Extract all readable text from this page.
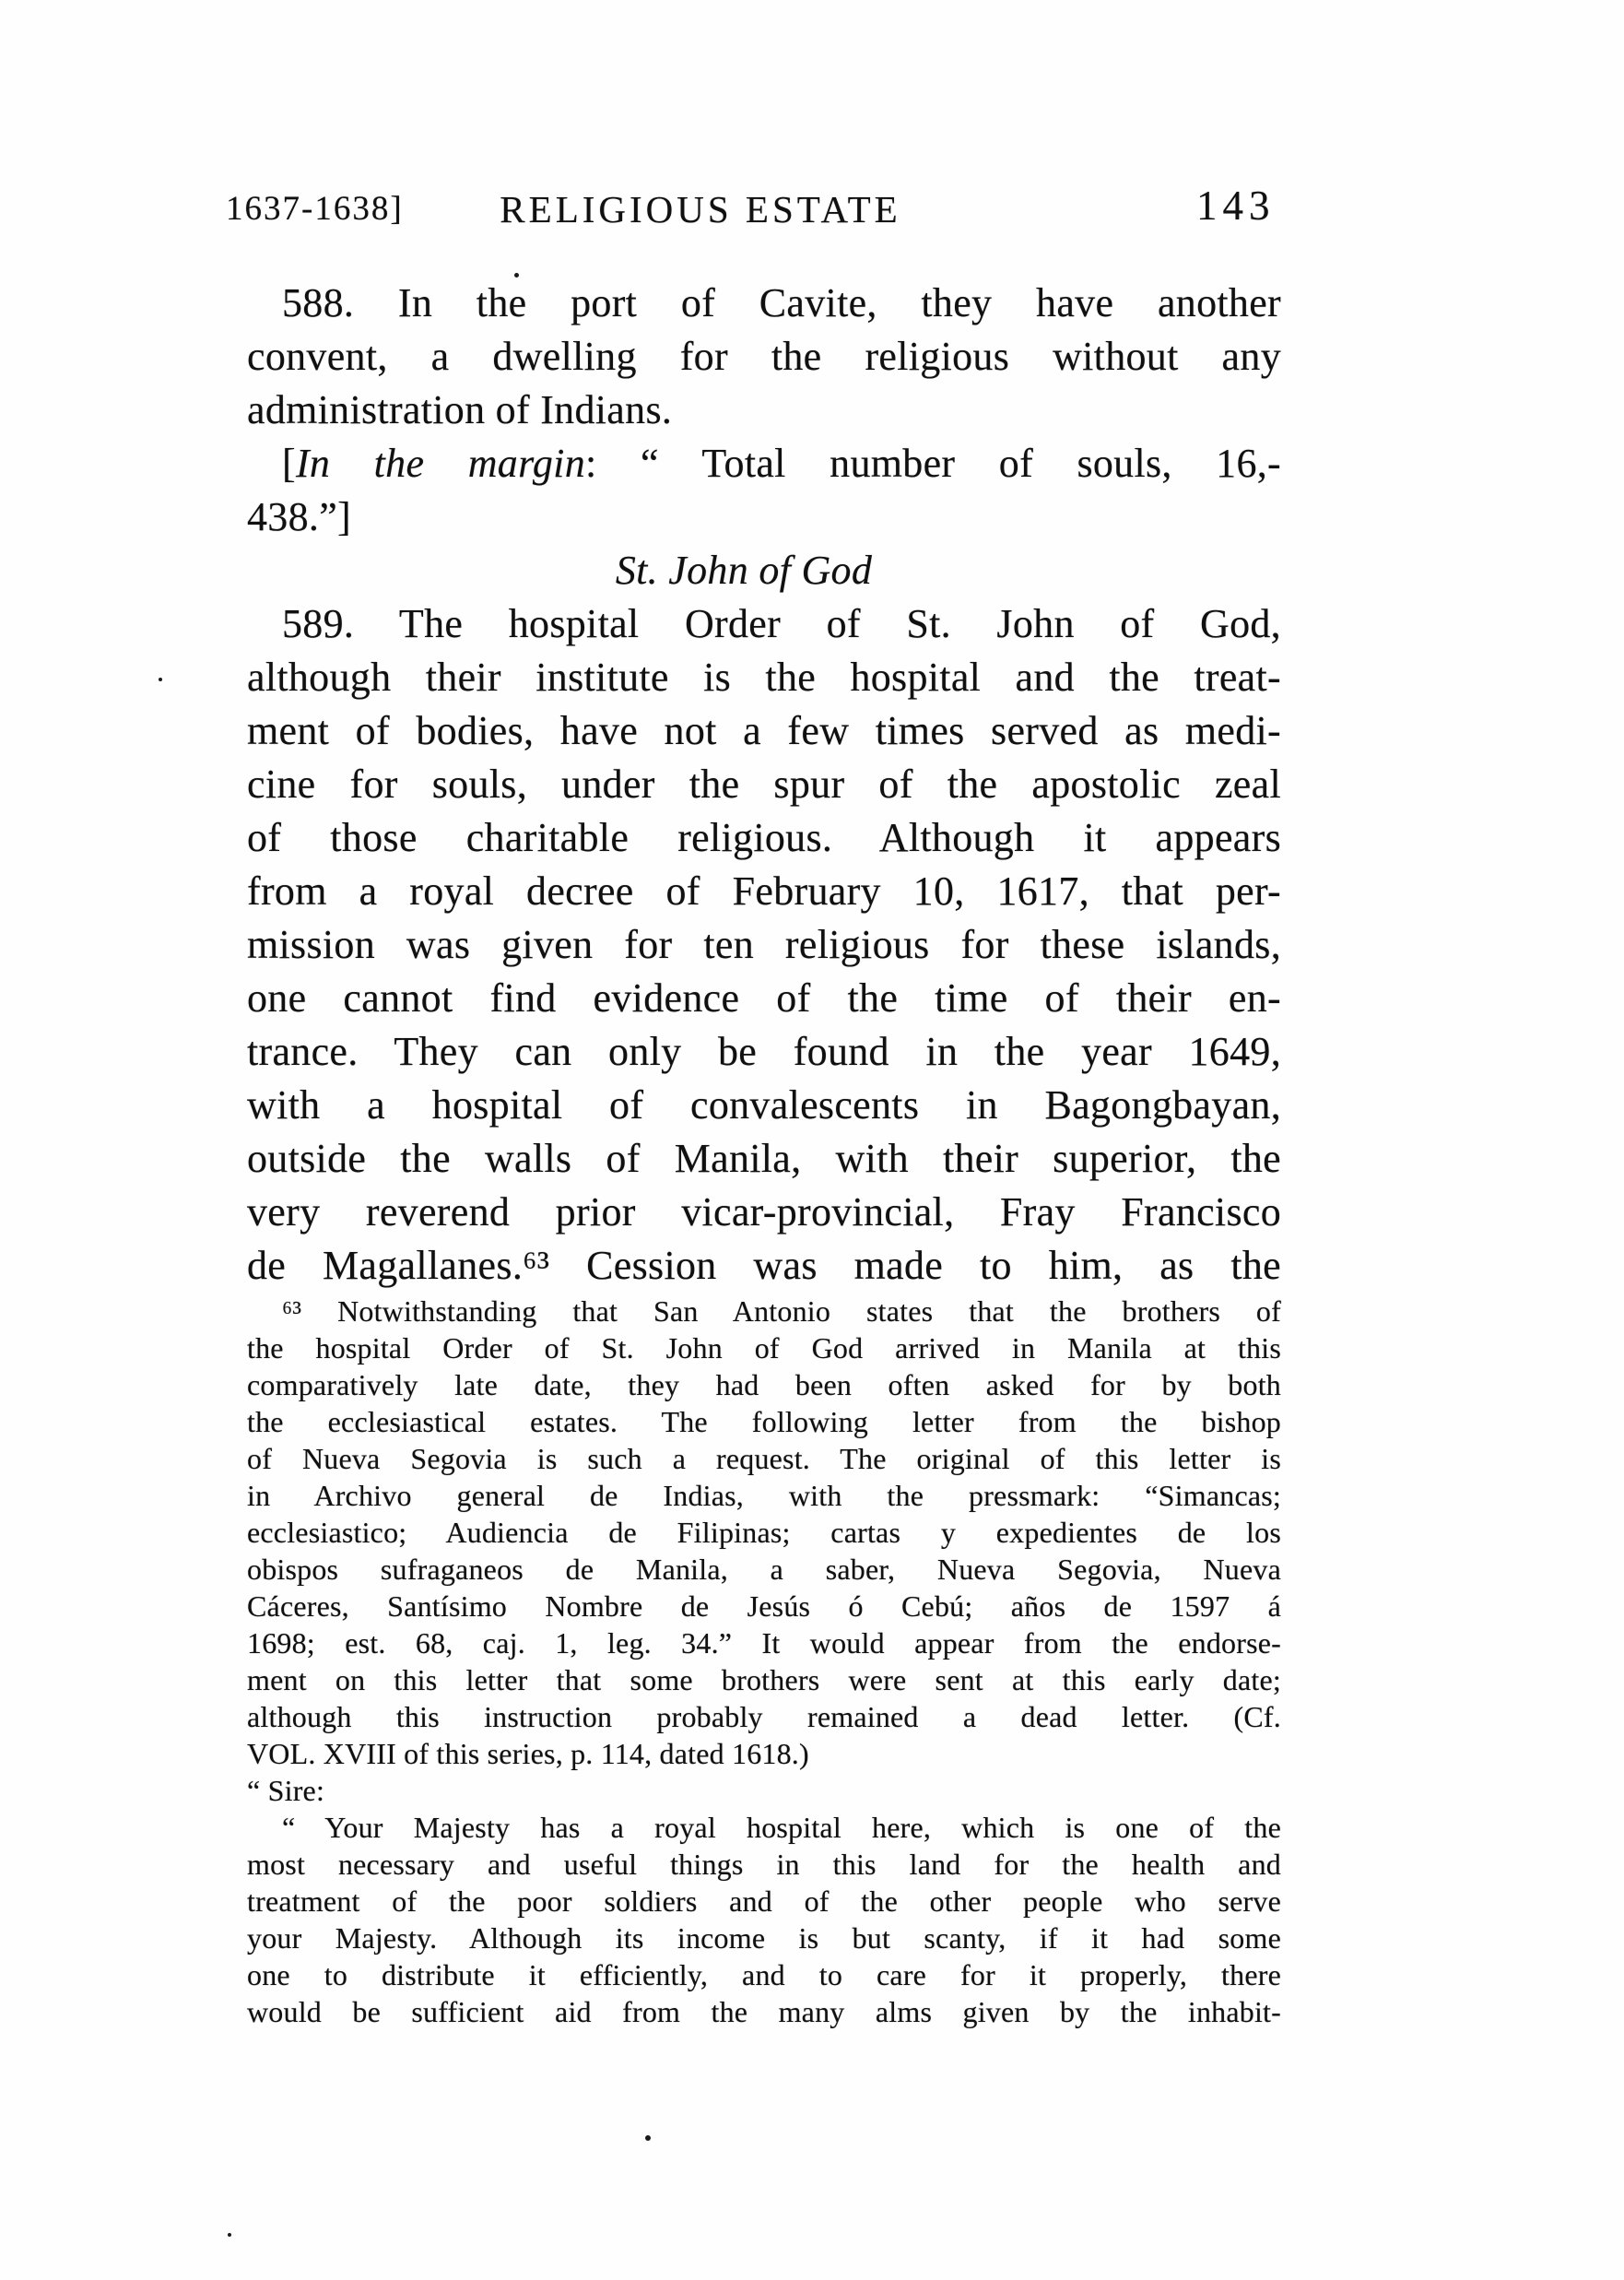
1637-1638]	RELIGIOUS ESTATE	143
588. In the port of Cavite, they have another
convent, a dwelling for the religious without any
administration of Indians.
[In the margin: “ Total number of souls, 16,-
438.”]
St. John of God
589. The hospital Order of St. John of God,
although their institute is the hospital and the treat-
ment of bodies, have not a few times served as medi-
cine for souls, under the spur of the apostolic zeal
of those charitable religious. Although it appears
from a royal decree of February 10, 1617, that per-
mission was given for ten religious for these islands,
one cannot find evidence of the time of their en-
trance. They can only be found in the year 1649,
with a hospital of convalescents in Bagongbayan,
outside the walls of Manila, with their superior, the
very reverend prior vicar-provincial, Fray Francisco
de Magallanes.⁶³ Cession was made to him, as the
⁶³ Notwithstanding that San Antonio states that the brothers of
the hospital Order of St. John of God arrived in Manila at this
comparatively late date, they had been often asked for by both
the ecclesiastical estates. The following letter from the bishop
of Nueva Segovia is such a request. The original of this letter is
in Archivo general de Indias, with the pressmark: “Simancas;
ecclesiastico; Audiencia de Filipinas; cartas y expedientes de los
obispos sufraganeos de Manila, a saber, Nueva Segovia, Nueva
Cáceres, Santísimo Nombre de Jesús ó Cebú; años de 1597 á
1698; est. 68, caj. 1, leg. 34.” It would appear from the endorse-
ment on this letter that some brothers were sent at this early date;
although this instruction probably remained a dead letter. (Cf.
VOL. XVIII of this series, p. 114, dated 1618.)
“ Sire:
“ Your Majesty has a royal hospital here, which is one of the
most necessary and useful things in this land for the health and
treatment of the poor soldiers and of the other people who serve
your Majesty. Although its income is but scanty, if it had some
one to distribute it efficiently, and to care for it properly, there
would be sufficient aid from the many alms given by the inhabit-
